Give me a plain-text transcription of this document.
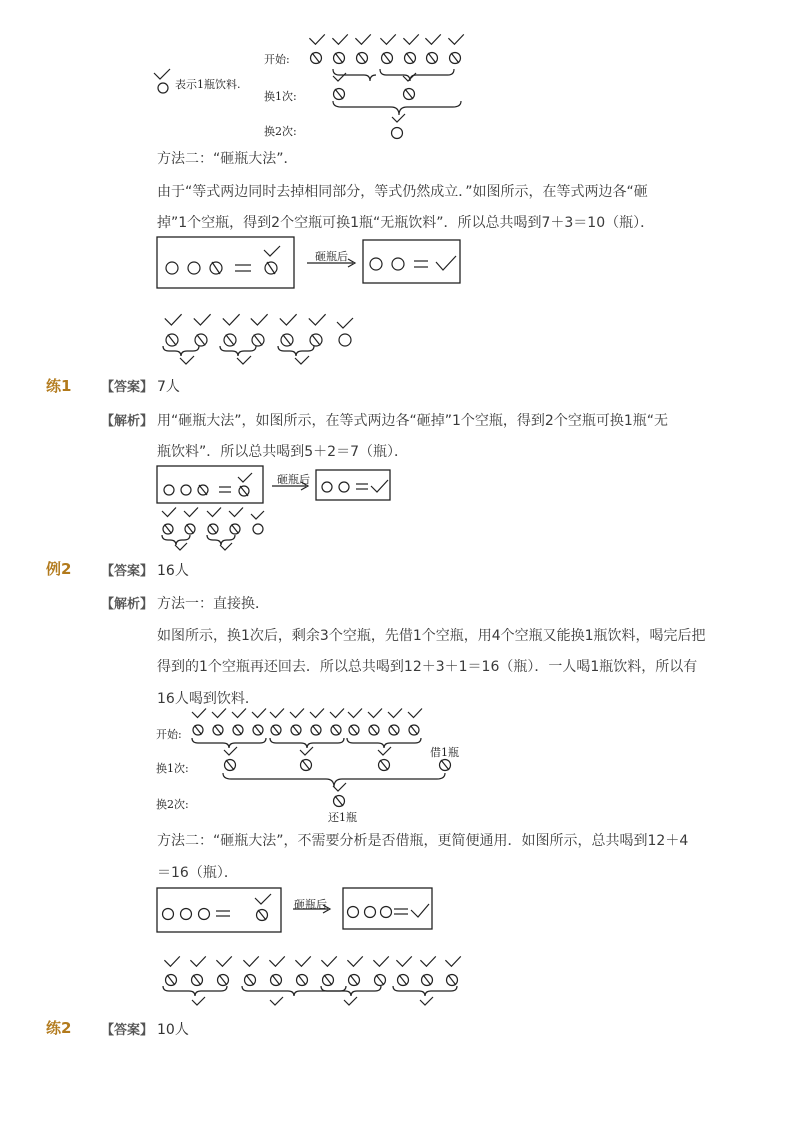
表示1瓶饮料.
开始:
换1次:
换2次:
方法二：“砸瓶大法”．
由于“等式两边同时去掉相同部分，等式仍然成立．”如图所示，在等式两边各“砸
掉”1个空瓶，得到2个空瓶可换1瓶“无瓶饮料”．所以总共喝到7＋3＝10（瓶）．
砸瓶后
练1 【答案】 7人
【解析】 用“砸瓶大法”，如图所示，在等式两边各“砸掉”1个空瓶，得到2个空瓶可换1瓶“无
瓶饮料”．所以总共喝到5＋2＝7（瓶）．
砸瓶后
例2 【答案】 16人
【解析】 方法一：直接换．
如图所示，换1次后，剩余3个空瓶，先借1个空瓶，用4个空瓶又能换1瓶饮料，喝完后把
得到的1个空瓶再还回去．所以总共喝到12＋3＋1＝16（瓶）．一人喝1瓶饮料，所以有
16人喝到饮料．
开始:
换1次:
换2次:
借1瓶
还1瓶
方法二：“砸瓶大法”，不需要分析是否借瓶，更简便通用．如图所示，总共喝到12＋4
＝16（瓶）．
砸瓶后
练2 【答案】 10人
